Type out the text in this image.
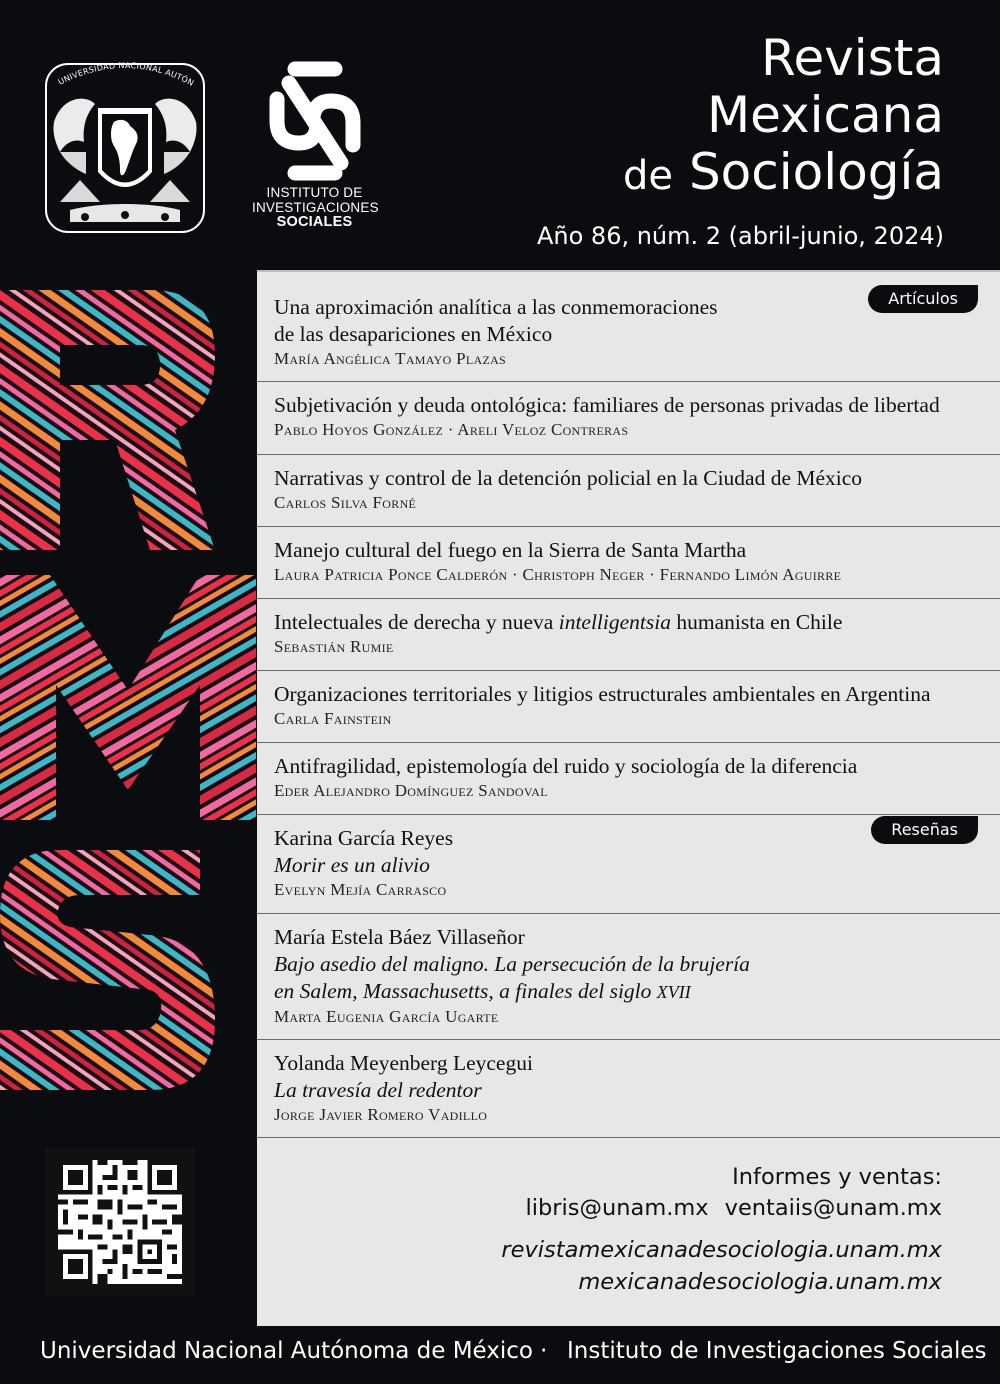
UNIVERSIDAD NACIONAL AUTÓN
INSTITUTO DE
INVESTIGACIONES
SOCIALES
Revista
Mexicana
de Sociología
Año 86, núm. 2 (abril-junio, 2024)
Una aproximación analítica a las conmemoraciones
de las desapariciones en México
María Angélica Tamayo Plazas
Artículos
Subjetivación y deuda ontológica: familiares de personas privadas de libertad
Pablo Hoyos González · Areli Veloz Contreras
Narrativas y control de la detención policial en la Ciudad de México
Carlos Silva Forné
Manejo cultural del fuego en la Sierra de Santa Martha
Laura Patricia Ponce Calderón · Christoph Neger · Fernando Limón Aguirre
Intelectuales de derecha y nueva intelligentsia humanista en Chile
Sebastián Rumie
Organizaciones territoriales y litigios estructurales ambientales en Argentina
Carla Fainstein
Antifragilidad, epistemología del ruido y sociología de la diferencia
Eder Alejandro Domínguez Sandoval
Karina García Reyes
Morir es un alivio
Evelyn Mejía Carrasco
Reseñas
María Estela Báez Villaseñor
Bajo asedio del maligno. La persecución de la brujería
en Salem, Massachusetts, a finales del siglo XVII
Marta Eugenia García Ugarte
Yolanda Meyenberg Leycegui
La travesía del redentor
Jorge Javier Romero Vadillo
Informes y ventas:
libris@unam.mx ventaiis@unam.mx
revistamexicanadesociologia.unam.mx
mexicanadesociologia.unam.mx
Universidad Nacional Autónoma de México · Instituto de Investigaciones Sociales
